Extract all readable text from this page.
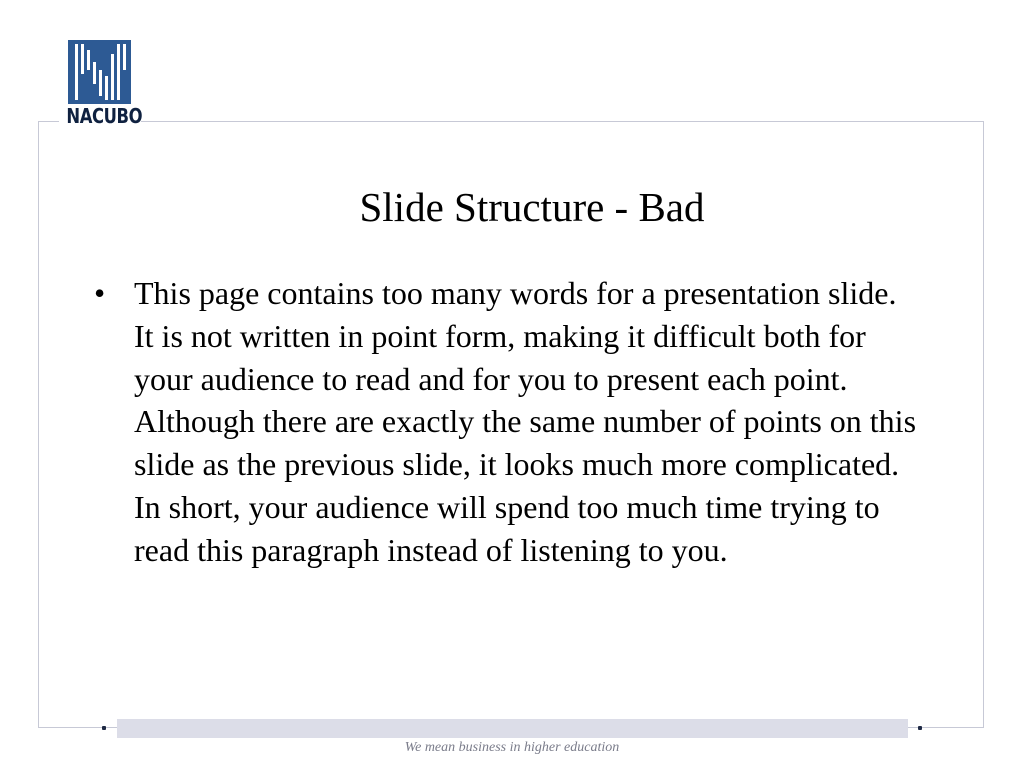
NACUBO
Slide Structure - Bad
• This page contains too many words for a presentation slide. It is not written in point form, making it difficult both for your audience to read and for you to present each point. Although there are exactly the same number of points on this slide as the previous slide, it looks much more complicated. In short, your audience will spend too much time trying to read this paragraph instead of listening to you.
We mean business in higher education
